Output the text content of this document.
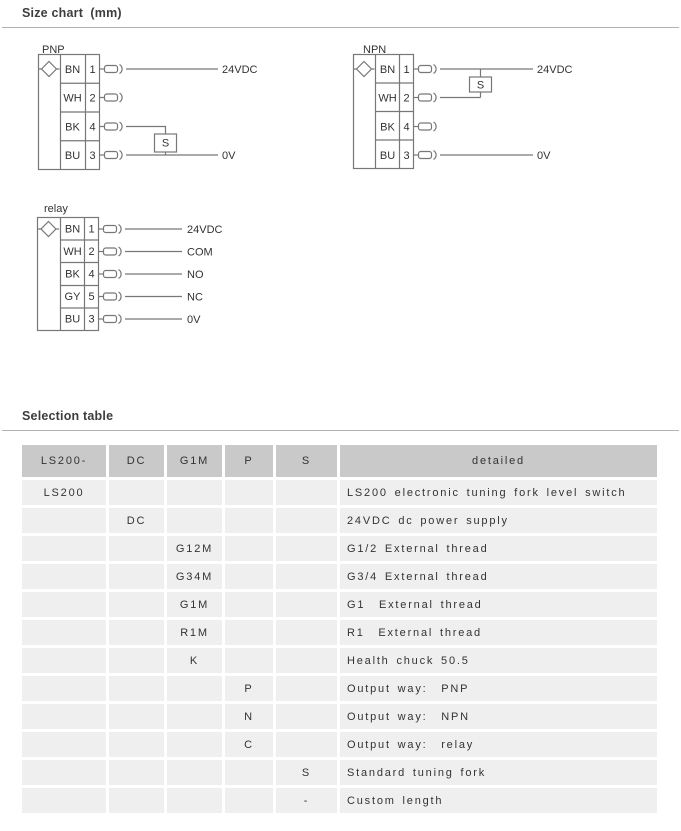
Size chart  (mm)
PNP
BN 1
WH 2
BK 4
BU 3
S
24VDC
0V
NPN
BN 1
WH 2
BK 4
BU 3
S
24VDC
0V
relay
BN 1
WH 2
BK 4
GY 5
BU 3
24VDC
COM
NO
NC
0V
Selection table
LS200-	DC	G1M	P	S	detailed
LS200					LS200 electronic tuning fork level switch
	DC				24VDC dc power supply
		G12M			G1/2 External thread
		G34M			G3/4 External thread
		G1M			G1  External thread
		R1M			R1  External thread
		K			Health chuck 50.5
			P		Output way:  PNP
			N		Output way:  NPN
			C		Output way:  relay
				S	Standard tuning fork
				-	Custom length
